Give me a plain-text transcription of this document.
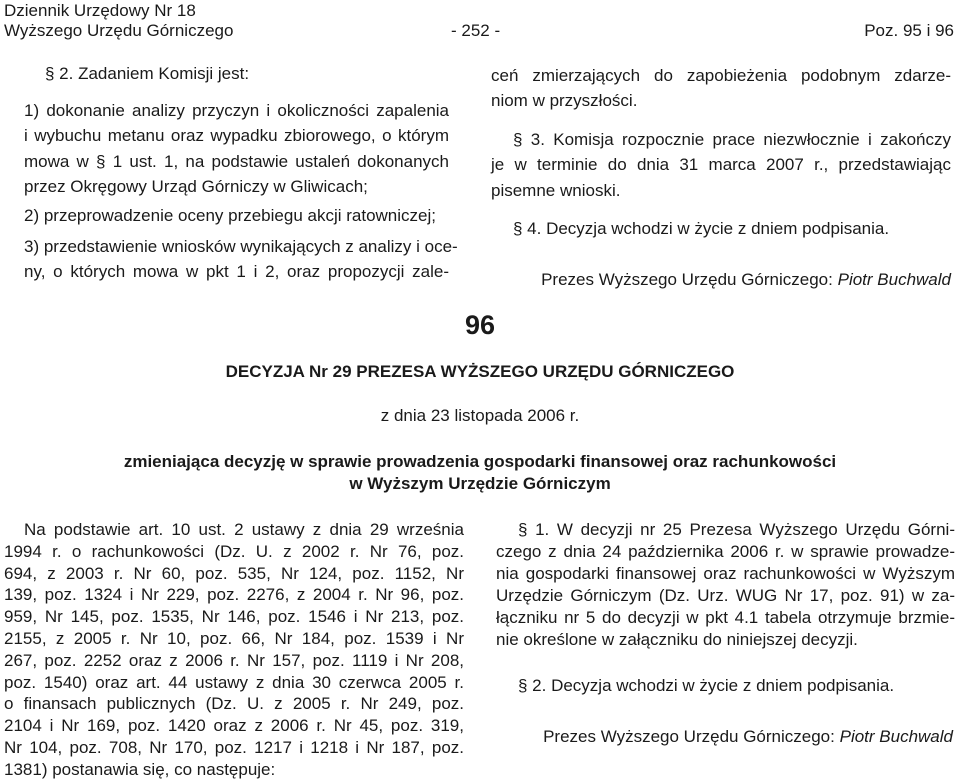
Dziennik Urzędowy Nr 18
Wyższego Urzędu Górniczego	- 252 -	Poz. 95 i 96
§ 2. Zadaniem Komisji jest:
1) dokonanie analizy przyczyn i okoliczności zapalenia
i wybuchu metanu oraz wypadku zbiorowego, o którym
mowa w § 1 ust. 1, na podstawie ustaleń dokonanych
przez Okręgowy Urząd Górniczy w Gliwicach;
2) przeprowadzenie oceny przebiegu akcji ratowniczej;
3) przedstawienie wniosków wynikających z analizy i oce-
ny, o których mowa w pkt 1 i 2, oraz propozycji zale-
ceń zmierzających do zapobieżenia podobnym zdarze-
niom w przyszłości.
§ 3. Komisja rozpocznie prace niezwłocznie i zakończy
je w terminie do dnia 31 marca 2007 r., przedstawiając
pisemne wnioski.
§ 4. Decyzja wchodzi w życie z dniem podpisania.
Prezes Wyższego Urzędu Górniczego: Piotr Buchwald
96
DECYZJA Nr 29 PREZESA WYŻSZEGO URZĘDU GÓRNICZEGO
z dnia 23 listopada 2006 r.
zmieniająca decyzję w sprawie prowadzenia gospodarki finansowej oraz rachunkowości
w Wyższym Urzędzie Górniczym
Na podstawie art. 10 ust. 2 ustawy z dnia 29 września
1994 r. o rachunkowości (Dz. U. z 2002 r. Nr 76, poz.
694, z 2003 r. Nr 60, poz. 535, Nr 124, poz. 1152, Nr
139, poz. 1324 i Nr 229, poz. 2276, z 2004 r. Nr 96, poz.
959, Nr 145, poz. 1535, Nr 146, poz. 1546 i Nr 213, poz.
2155, z 2005 r. Nr 10, poz. 66, Nr 184, poz. 1539 i Nr
267, poz. 2252 oraz z 2006 r. Nr 157, poz. 1119 i Nr 208,
poz. 1540) oraz art. 44 ustawy z dnia 30 czerwca 2005 r.
o finansach publicznych (Dz. U. z 2005 r. Nr 249, poz.
2104 i Nr 169, poz. 1420 oraz z 2006 r. Nr 45, poz. 319,
Nr 104, poz. 708, Nr 170, poz. 1217 i 1218 i Nr 187, poz.
1381) postanawia się, co następuje:
§ 1. W decyzji nr 25 Prezesa Wyższego Urzędu Górni-
czego z dnia 24 października 2006 r. w sprawie prowadze-
nia gospodarki finansowej oraz rachunkowości w Wyższym
Urzędzie Górniczym (Dz. Urz. WUG Nr 17, poz. 91) w za-
łączniku nr 5 do decyzji w pkt 4.1 tabela otrzymuje brzmie-
nie określone w załączniku do niniejszej decyzji.
§ 2. Decyzja wchodzi w życie z dniem podpisania.
Prezes Wyższego Urzędu Górniczego: Piotr Buchwald
